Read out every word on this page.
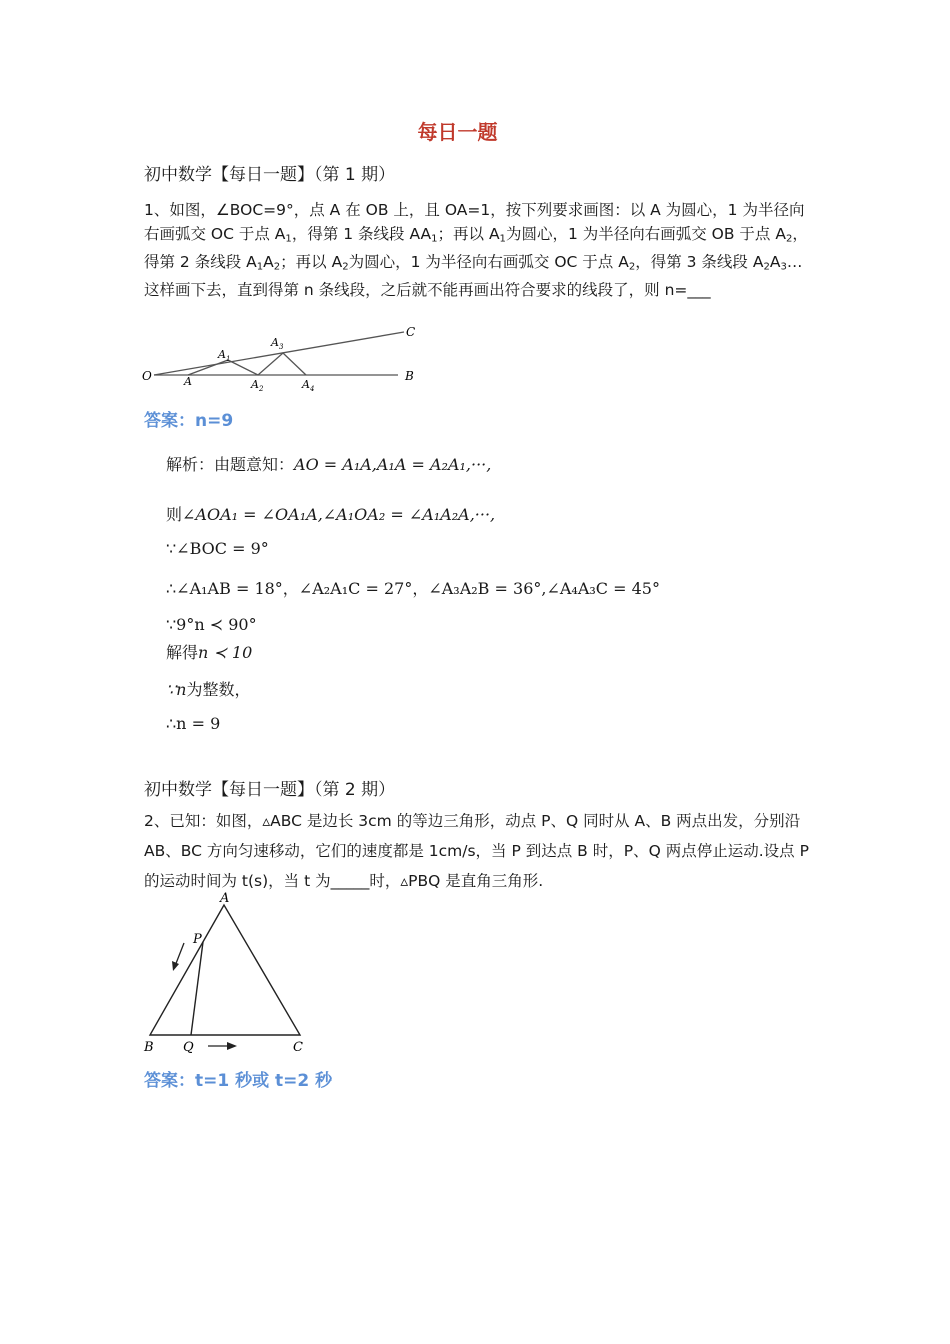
每日一题
初中数学【每日一题】（第 1 期）
1、如图，∠BOC=9°，点 A 在 OB 上，且 OA=1，按下列要求画图：以 A 为圆心，1 为半径向右画弧交 OC 于点 $A_1$，得第 1 条线段 $AA_1$；再以 $A_1$为圆心，1 为半径向右画弧交 OB 于点 $A_2$，得第 2 条线段 $A_1A_2$；再以 $A_2$为圆心，1 为半径向右画弧交 OC 于点 $A_2$，得第 3 条线段 $A_2A_3\dots$这样画下去，直到得第 n 条线段，之后就不能再画出符合要求的线段了，则 n=___
O	A
$A_1$
$A_2$
$A_3$
$A_4$
B
C
答案：n=9
解析：由题意知：AO = A₁A,A₁A = A₂A₁,···,
则∠AOA₁ = ∠OA₁A,∠A₁OA₂ = ∠A₁A₂A,···,
∵∠BOC = 9°
∴∠A₁AB = 18°，∠A₂A₁C = 27°，∠A₃A₂B = 36°,∠A₄A₃C = 45°
∵9°n ≺ 90°
解得n ≺ 10
∵n为整数，
∴n = 9
初中数学【每日一题】（第 2 期）
2、已知：如图，▵ABC 是边长 3cm 的等边三角形，动点 P、Q 同时从 A、B 两点出发，分别沿 AB、BC 方向匀速移动，它们的速度都是 1cm/s，当 P 到达点 B 时，P、Q 两点停止运动.设点 P 的运动时间为 t(s)，当 t 为_____时，▵PBQ 是直角三角形.
A
P
B Q	C
答案：t=1 秒或 t=2 秒
